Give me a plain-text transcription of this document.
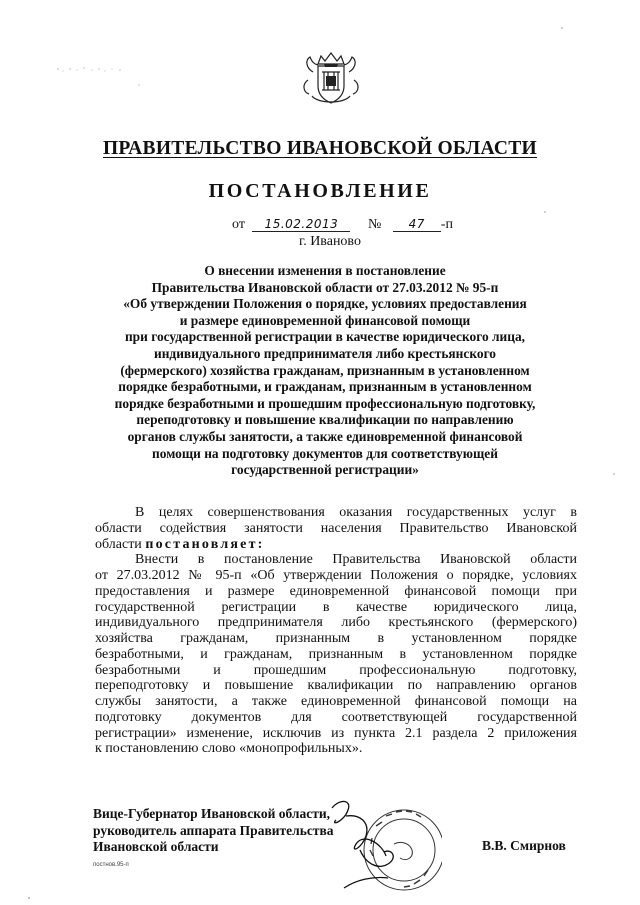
ПРАВИТЕЛЬСТВО ИВАНОВСКОЙ ОБЛАСТИ
ПОСТАНОВЛЕНИЕ
от 15.02.2013 № 47 -п
г. Иваново
О внесении изменения в постановление
Правительства Ивановской области от 27.03.2012 № 95-п
«Об утверждении Положения о порядке, условиях предоставления
и размере единовременной финансовой помощи
при государственной регистрации в качестве юридического лица,
индивидуального предпринимателя либо крестьянского
(фермерского) хозяйства гражданам, признанным в установленном
порядке безработными, и гражданам, признанным в установленном
порядке безработными и прошедшим профессиональную подготовку,
переподготовку и повышение квалификации по направлению
органов службы занятости, а также единовременной финансовой
помощи на подготовку документов для соответствующей
государственной регистрации»
В целях совершенствования оказания государственных услуг в
области содействия занятости населения Правительство Ивановской
области постановляет:
Внести в постановление Правительства Ивановской области
от 27.03.2012 № 95-п «Об утверждении Положения о порядке, условиях
предоставления и размере единовременной финансовой помощи при
государственной регистрации в качестве юридического лица,
индивидуального предпринимателя либо крестьянского (фермерского)
хозяйства гражданам, признанным в установленном порядке
безработными, и гражданам, признанным в установленном порядке
безработными и прошедшим профессиональную подготовку,
переподготовку и повышение квалификации по направлению органов
службы занятости, а также единовременной финансовой помощи на
подготовку документов для соответствующей государственной
регистрации» изменение, исключив из пункта 2.1 раздела 2 приложения
к постановлению слово «монопрофильных».
Вице-Губернатор Ивановской области,
руководитель аппарата Правительства
Ивановской области	В.В. Смирнов
постнов.95-п
